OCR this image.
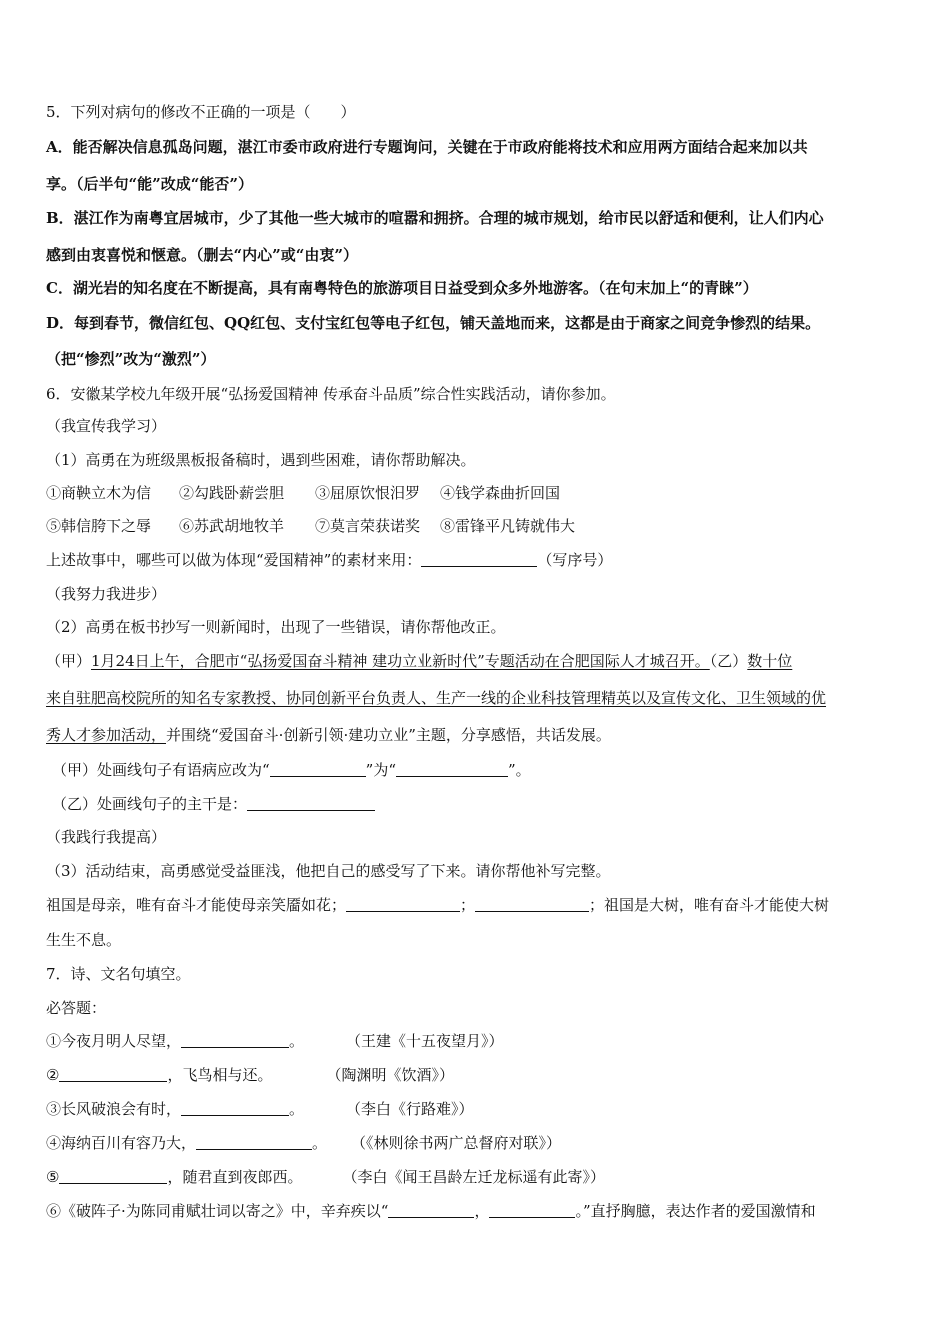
5．下列对病句的修改不正确的一项是（　　）
A．能否解决信息孤岛问题，湛江市委市政府进行专题询问，关键在于市政府能将技术和应用两方面结合起来加以共
享。（后半句“能”改成“能否”）
B．湛江作为南粤宜居城市，少了其他一些大城市的喧嚣和拥挤。合理的城市规划，给市民以舒适和便利，让人们内心
感到由衷喜悦和惬意。（删去“内心”或“由衷”）
C．湖光岩的知名度在不断提高，具有南粤特色的旅游项目日益受到众多外地游客。（在句末加上“的青睐”）
D．每到春节，微信红包、QQ红包、支付宝红包等电子红包，铺天盖地而来，这都是由于商家之间竞争惨烈的结果。
（把“惨烈”改为“激烈”）
6．安徽某学校九年级开展“弘扬爱国精神 传承奋斗品质”综合性实践活动，请你参加。
（我宣传我学习）
（1）高勇在为班级黑板报备稿时，遇到些困难，请你帮助解决。
①商鞅立木为信 ②勾践卧薪尝胆 ③屈原饮恨汨罗 ④钱学森曲折回国
⑤韩信胯下之辱 ⑥苏武胡地牧羊 ⑦莫言荣获诺奖 ⑧雷锋平凡铸就伟大
上述故事中，哪些可以做为体现“爱国精神”的素材来用：	（写序号）
（我努力我进步）
（2）高勇在板书抄写一则新闻时，出现了一些错误，请你帮他改正。
（甲）1月24日上午，合肥市“弘扬爱国奋斗精神 建功立业新时代”专题活动在合肥国际人才城召开。（乙）数十位
来自驻肥高校院所的知名专家教授、协同创新平台负责人、生产一线的企业科技管理精英以及宣传文化、卫生领域的优
秀人才参加活动，并围绕“爱国奋斗·创新引领·建功立业”主题，分享感悟，共话发展。
（甲）处画线句子有语病应改为“	”为“	”。
（乙）处画线句子的主干是：
（我践行我提高）
（3）活动结束，高勇感觉受益匪浅，他把自己的感受写了下来。请你帮他补写完整。
祖国是母亲，唯有奋斗才能使母亲笑靥如花；	；	；祖国是大树，唯有奋斗才能使大树
生生不息。
7．诗、文名句填空。
必答题：
①今夜月明人尽望，	。	（王建《十五夜望月》）
②	，飞鸟相与还。	（陶渊明《饮酒》）
③长风破浪会有时，	。	（李白《行路难》）
④海纳百川有容乃大，	。 （《林则徐书两广总督府对联》）
⑤	，随君直到夜郎西。	（李白《闻王昌龄左迁龙标遥有此寄》）
⑥《破阵子·为陈同甫赋壮词以寄之》中，辛弃疾以“	，	。”直抒胸臆，表达作者的爱国激情和
